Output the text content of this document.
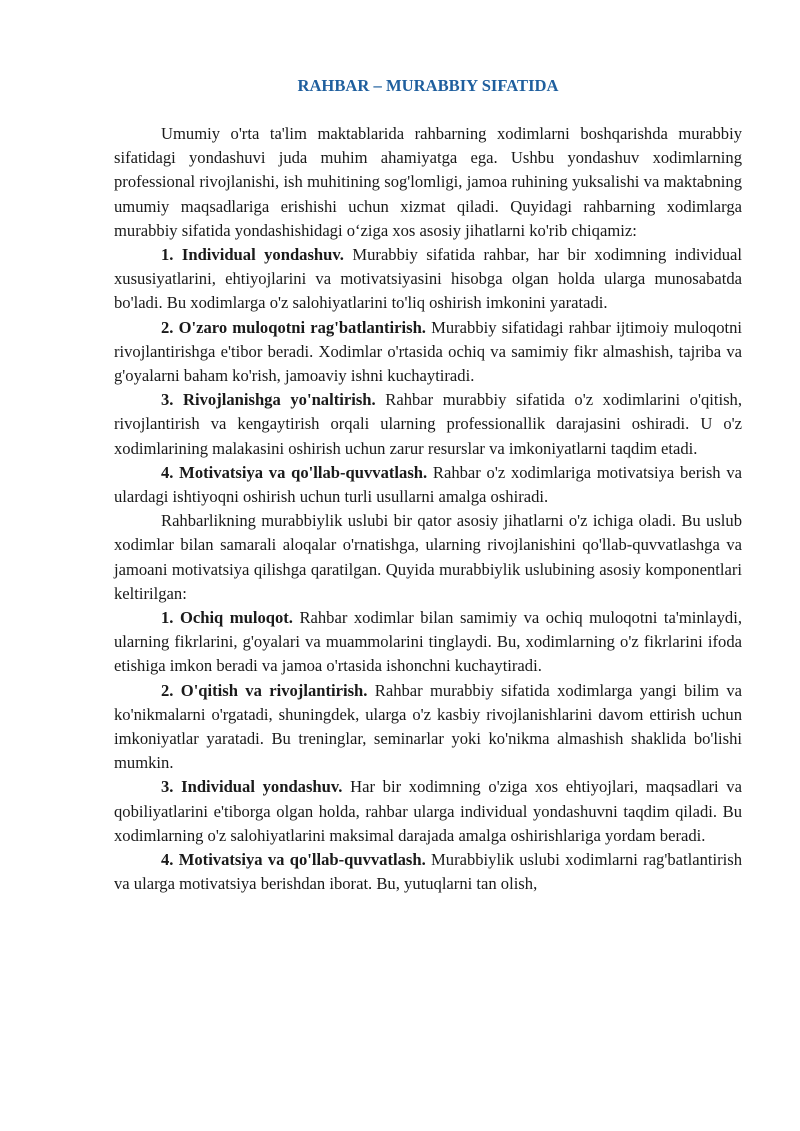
RAHBAR – MURABBIY SIFATIDA

Umumiy o'rta ta'lim maktablarida rahbarning xodimlarni boshqarishda murabbiy sifatidagi yondashuvi juda muhim ahamiyatga ega. Ushbu yondashuv xodimlarning professional rivojlanishi, ish muhitining sog'lomligi, jamoa ruhining yuksalishi va maktabning umumiy maqsadlariga erishishi uchun xizmat qiladi. Quyidagi rahbarning xodimlarga murabbiy sifatida yondashishidagi o‘ziga xos asosiy jihatlarni ko'rib chiqamiz:

1. Individual yondashuv. Murabbiy sifatida rahbar, har bir xodimning individual xususiyatlarini, ehtiyojlarini va motivatsiyasini hisobga olgan holda ularga munosabatda bo'ladi. Bu xodimlarga o'z salohiyatlarini to'liq oshirish imkonini yaratadi.

2. O'zaro muloqotni rag'batlantirish. Murabbiy sifatidagi rahbar ijtimoiy muloqotni rivojlantirishga e'tibor beradi. Xodimlar o'rtasida ochiq va samimiy fikr almashish, tajriba va g'oyalarni baham ko'rish, jamoaviy ishni kuchaytiradi.

3. Rivojlanishga yo'naltirish. Rahbar murabbiy sifatida o'z xodimlarini o'qitish, rivojlantirish va kengaytirish orqali ularning professionallik darajasini oshiradi. U o'z xodimlarining malakasini oshirish uchun zarur resurslar va imkoniyatlarni taqdim etadi.

4. Motivatsiya va qo'llab-quvvatlash. Rahbar o'z xodimlariga motivatsiya berish va ulardagi ishtiyoqni oshirish uchun turli usullarni amalga oshiradi.

Rahbarlikning murabbiylik uslubi bir qator asosiy jihatlarni o'z ichiga oladi. Bu uslub xodimlar bilan samarali aloqalar o'rnatishga, ularning rivojlanishini qo'llab-quvvatlashga va jamoani motivatsiya qilishga qaratilgan. Quyida murabbiylik uslubining asosiy komponentlari keltirilgan:

1. Ochiq muloqot. Rahbar xodimlar bilan samimiy va ochiq muloqotni ta'minlaydi, ularning fikrlarini, g'oyalari va muammolarini tinglaydi. Bu, xodimlarning o'z fikrlarini ifoda etishiga imkon beradi va jamoa o'rtasida ishonchni kuchaytiradi.

2. O'qitish va rivojlantirish. Rahbar murabbiy sifatida xodimlarga yangi bilim va ko'nikmalarni o'rgatadi, shuningdek, ularga o'z kasbiy rivojlanishlarini davom ettirish uchun imkoniyatlar yaratadi. Bu treninglar, seminarlar yoki ko'nikma almashish shaklida bo'lishi mumkin.

3. Individual yondashuv. Har bir xodimning o'ziga xos ehtiyojlari, maqsadlari va qobiliyatlarini e'tiborga olgan holda, rahbar ularga individual yondashuvni taqdim qiladi. Bu xodimlarning o'z salohiyatlarini maksimal darajada amalga oshirishlariga yordam beradi.

4. Motivatsiya va qo'llab-quvvatlash. Murabbiylik uslubi xodimlarni rag'batlantirish va ularga motivatsiya berishdan iborat. Bu, yutuqlarni tan olish,
